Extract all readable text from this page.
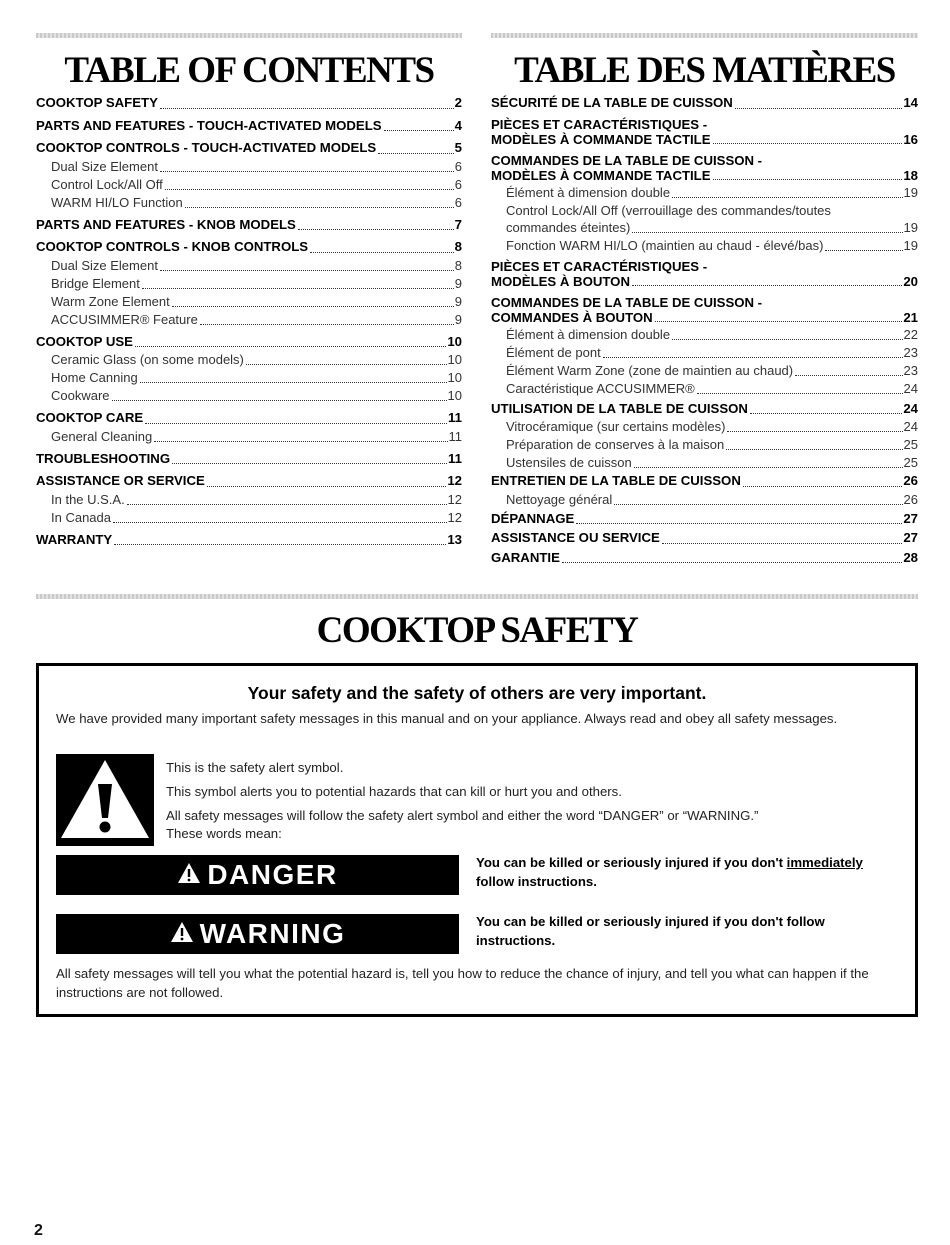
TABLE OF CONTENTS	TABLE DES MATIÈRES
COOKTOP SAFETY	2
PARTS AND FEATURES - TOUCH-ACTIVATED MODELS	4
COOKTOP CONTROLS - TOUCH-ACTIVATED MODELS	5
Dual Size Element	6
Control Lock/All Off	6
WARM HI/LO Function	6
PARTS AND FEATURES - KNOB MODELS	7
COOKTOP CONTROLS - KNOB CONTROLS	8
Dual Size Element	8
Bridge Element	9
Warm Zone Element	9
ACCUSIMMER® Feature	9
COOKTOP USE	10
Ceramic Glass (on some models)	10
Home Canning	10
Cookware	10
COOKTOP CARE	11
General Cleaning	11
TROUBLESHOOTING	11
ASSISTANCE OR SERVICE	12
In the U.S.A.	12
In Canada	12
WARRANTY	13
SÉCURITÉ DE LA TABLE DE CUISSON	14
PIÈCES ET CARACTÉRISTIQUES -
MODÈLES À COMMANDE TACTILE	16
COMMANDES DE LA TABLE DE CUISSON -
MODÈLES À COMMANDE TACTILE	18
Élément à dimension double	19
Control Lock/All Off (verrouillage des commandes/toutes
commandes éteintes)	19
Fonction WARM HI/LO (maintien au chaud - élevé/bas)	19
PIÈCES ET CARACTÉRISTIQUES -
MODÈLES À BOUTON	20
COMMANDES DE LA TABLE DE CUISSON -
COMMANDES À BOUTON	21
Élément à dimension double	22
Élément de pont	23
Élément Warm Zone (zone de maintien au chaud)	23
Caractéristique ACCUSIMMER®	24
UTILISATION DE LA TABLE DE CUISSON	24
Vitrocéramique (sur certains modèles)	24
Préparation de conserves à la maison	25
Ustensiles de cuisson	25
ENTRETIEN DE LA TABLE DE CUISSON	26
Nettoyage général	26
DÉPANNAGE	27
ASSISTANCE OU SERVICE	27
GARANTIE	28
COOKTOP SAFETY
Your safety and the safety of others are very important.
We have provided many important safety messages in this manual and on your appliance. Always read and obey all safety messages.
This is the safety alert symbol.
This symbol alerts you to potential hazards that can kill or hurt you and others.
All safety messages will follow the safety alert symbol and either the word “DANGER” or “WARNING.”
These words mean:
DANGER	You can be killed or seriously injured if you don't immediately
follow instructions.
WARNING	You can be killed or seriously injured if you don't follow instructions.
All safety messages will tell you what the potential hazard is, tell you how to reduce the chance of injury, and tell you what can happen if the instructions are not followed.
2
